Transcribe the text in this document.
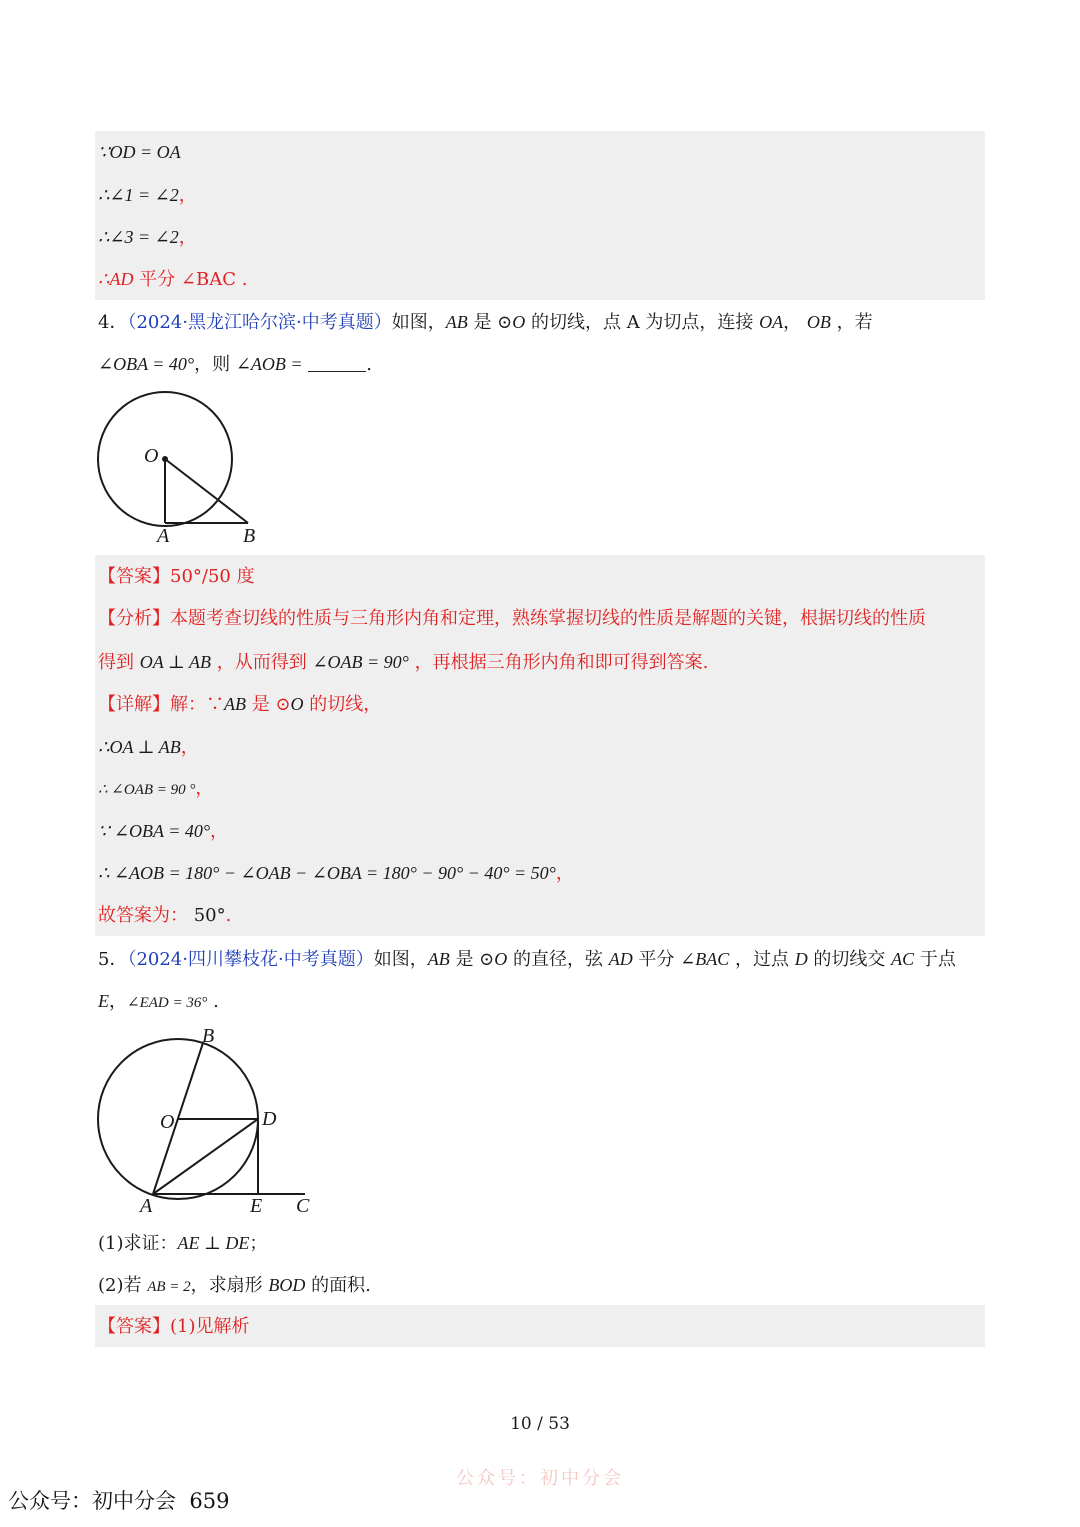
∵OD = OA
∴∠1 = ∠2，
∴∠3 = ∠2，
∴AD 平分 ∠BAC .
4．（2024·黑龙江哈尔滨·中考真题）如图，AB 是 ⊙O 的切线，点 A 为切点，连接 OA， OB ，若
∠OBA = 40°，则 ∠AOB =	.
O
A	B
【答案】50°/50 度
【分析】本题考查切线的性质与三角形内角和定理，熟练掌握切线的性质是解题的关键，根据切线的性质
得到 OA ⊥ AB ，从而得到 ∠OAB = 90° ，再根据三角形内角和即可得到答案.
【详解】解：∵AB 是 ⊙O 的切线，
∴OA ⊥ AB，
∴ ∠OAB = 90 °，
∵ ∠OBA = 40°，
∴ ∠AOB = 180° − ∠OAB − ∠OBA = 180° − 90° − 40° = 50°，
故答案为： 50°.
5．（2024·四川攀枝花·中考真题）如图，AB 是 ⊙O 的直径，弦 AD 平分 ∠BAC ，过点 D 的切线交 AC 于点
E，∠EAD = 36° .
B
O	D
A	E C
(1)求证：AE ⊥ DE；
(2)若 AB = 2，求扇形 BOD 的面积.
【答案】(1)见解析
10 / 53
公众号：初中分会
公众号：初中分会  659
